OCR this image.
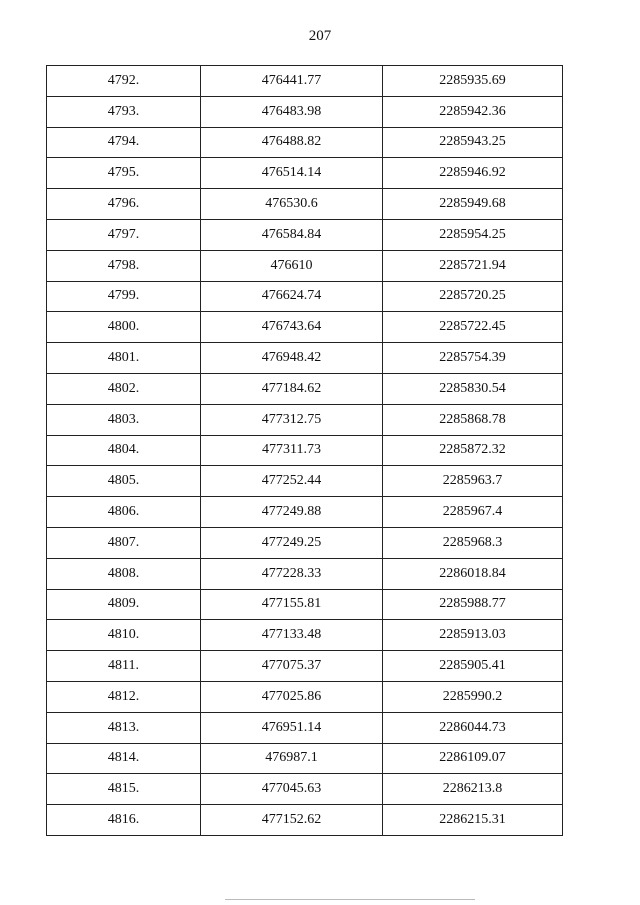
207
4792.	476441.77	2285935.69
4793.	476483.98	2285942.36
4794.	476488.82	2285943.25
4795.	476514.14	2285946.92
4796.	476530.6	2285949.68
4797.	476584.84	2285954.25
4798.	476610	2285721.94
4799.	476624.74	2285720.25
4800.	476743.64	2285722.45
4801.	476948.42	2285754.39
4802.	477184.62	2285830.54
4803.	477312.75	2285868.78
4804.	477311.73	2285872.32
4805.	477252.44	2285963.7
4806.	477249.88	2285967.4
4807.	477249.25	2285968.3
4808.	477228.33	2286018.84
4809.	477155.81	2285988.77
4810.	477133.48	2285913.03
4811.	477075.37	2285905.41
4812.	477025.86	2285990.2
4813.	476951.14	2286044.73
4814.	476987.1	2286109.07
4815.	477045.63	2286213.8
4816.	477152.62	2286215.31
